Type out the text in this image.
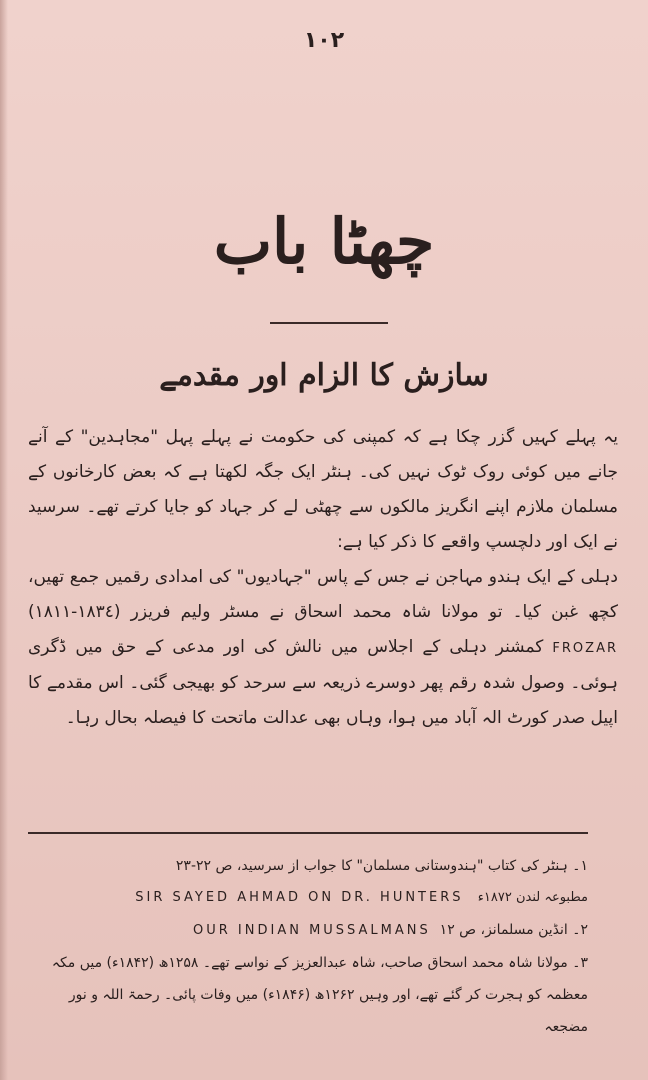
١٠٢
چھٹا باب
سازش کا الزام اور مقدمے

یہ پہلے کہیں گزر چکا ہے کہ کمپنی کی حکومت نے پہلے پہل "مجاہدین" کے آنے جانے میں کوئی روک ٹوک نہیں کی۔ ہنٹر ایک جگہ لکھتا ہے کہ بعض کارخانوں کے مسلمان ملازم اپنے انگریز مالکوں سے چھٹی لے کر جہاد کو جایا کرتے تھے۔ سرسید نے ایک اور دلچسپ واقعے کا ذکر کیا ہے:

دہلی کے ایک ہندو مہاجن نے جس کے پاس "جہادیوں" کی امدادی رقمیں جمع تھیں، کچھ غبن کیا۔ تو مولانا شاہ محمد اسحاق نے مسٹر ولیم فریزر (١٨٣٤-١٨١١) FROZAR کمشنر دہلی کے اجلاس میں نالش کی اور مدعی کے حق میں ڈگری ہوئی۔ وصول شدہ رقم پھر دوسرے ذریعہ سے سرحد کو بھیجی گئی۔ اس مقدمے کا اپیل صدر کورٹ الہ آباد میں ہوا، وہاں بھی عدالت ماتحت کا فیصلہ بحال رہا۔

۱۔ ہنٹر کی کتاب "ہندوستانی مسلمان" کا جواب از سرسید، ص ۲۲-۲۳

SIR SAYED AHMAD ON DR. HUNTERS مطبوعہ لندن ۱۸۷۲ء

۲۔ انڈین مسلمانز، ص ۱۲  OUR INDIAN MUSSALMANS

۳۔ مولانا شاہ محمد اسحاق صاحب، شاہ عبدالعزیز کے نواسے تھے۔ ۱۲۵۸ھ (۱۸۴۲ء) میں مکہ معظمہ کو ہجرت کر گئے تھے، اور وہیں ۱۲۶۲ھ (۱۸۴۶ء) میں وفات پائی۔ رحمۃ اللہ و نور مضجعہ
